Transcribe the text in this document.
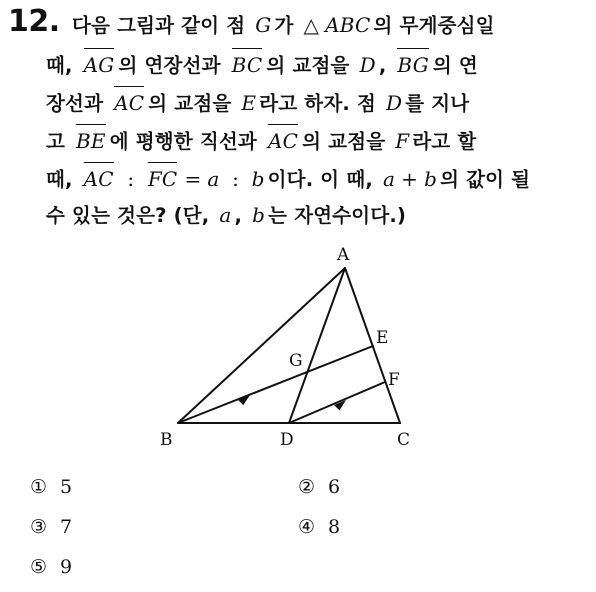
12. 다음 그림과 같이 점 G 가 △ ABC 의 무게중심일
때, AG 의 연장선과 BC 의 교점을 D , BG 의 연
장선과 AC 의 교점을 E 라고 하자. 점 D 를 지나
고 BE 에 평행한 직선과 AC 의 교점을 F 라고 할
때, AC : FC = a : b 이다. 이 때, a + b 의 값이 될
수 있는 것은? (단, a , b 는 자연수이다.)
A
B	C
D
E
F
G
① 5	② 6
③ 7	④ 8
⑤ 9
